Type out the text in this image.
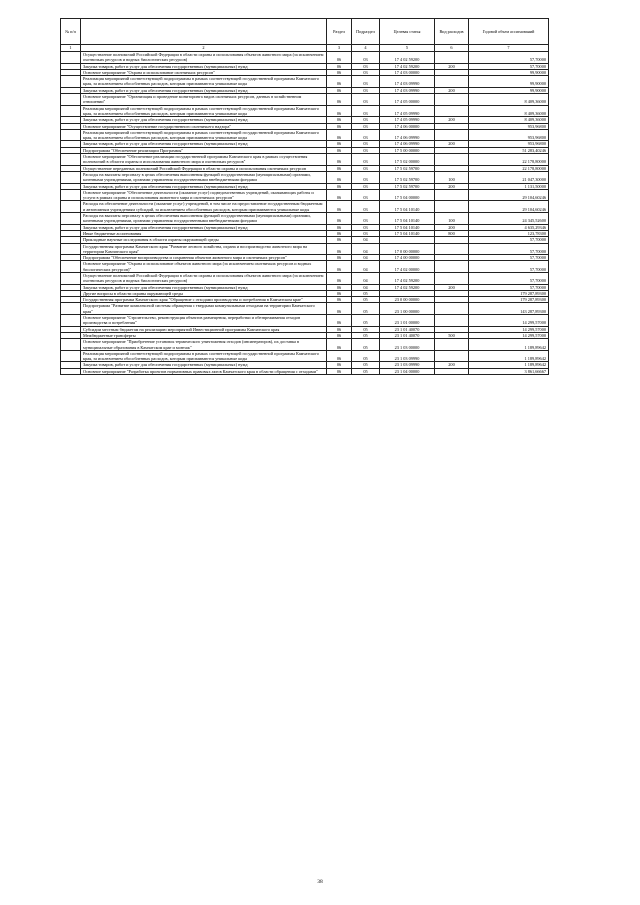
№ п/п		Раздел	Подраздел	Целевая статья	Вид расходов	Годовой объем ассигнований
1	2	3	4	5	6	7
	Осуществление полномочий Российской Федерации в области охраны и использования объектов животного мира (за исключением охотничьих ресурсов и водных биологических ресурсов)	06	03	17 4 02 59200		57,70000
	Закупка товаров, работ и услуг для обеспечения государственных (муниципальных) нужд	06	03	17 4 02 59200	200	57,70000
	Основное мероприятие "Охрана и использование охотничьих ресурсов"	06	03	17 4 03 00000		99,90000
	Реализация мероприятий соответствующей подпрограммы в рамках соответствующей государственной программы Камчатского края, за исключением обособленных расходов, которым присваиваются уникальные коды	06	03	17 4 03 09990		99,90000
	Закупка товаров, работ и услуг для обеспечения государственных (муниципальных) нужд	06	03	17 4 03 09990	200	99,90000
	Основное мероприятие "Организация и проведение мониторинга видов охотничьих ресурсов, данных в хозяйственном отношении"	06	03	17 4 05 00000		8 409,36000
	Реализация мероприятий соответствующей подпрограммы в рамках соответствующей государственной программы Камчатского края, за исключением обособленных расходов, которым присваиваются уникальные коды	06	03	17 4 05 09990		8 409,36000
	Закупка товаров, работ и услуг для обеспечения государственных (муниципальных) нужд	06	03	17 4 05 09990	200	8 409,36000
	Основное мероприятие "Осуществление государственного охотничьего надзора"	06	03	17 4 06 00000		953,96800
	Реализация мероприятий соответствующей подпрограммы в рамках соответствующей государственной программы Камчатского края, за исключением обособленных расходов, которым присваиваются уникальные коды	06	03	17 4 06 09990		953,96800
	Закупка товаров, работ и услуг для обеспечения государственных (муниципальных) нужд	06	03	17 4 06 09990	200	953,96800
	Подпрограмма "Обеспечение реализации Программы"	06	03	17 5 00 00000		51 283,40246
	Основное мероприятие "Обеспечение реализации государственной программы Камчатского края в рамках осуществления полномочий в области охраны и использования животного мира и охотничьих ресурсов"	06	03	17 5 02 00000		22 178,80000
	Осуществление переданных полномочий Российской Федерации в области охраны и использования охотничьих ресурсов	06	03	17 5 02 59700		22 178,80000
	Расходы на выплаты персоналу в целях обеспечения выполнения функций государственными (муниципальными) органами, казенными учреждениями, органами управления государственными внебюджетными фондами	06	03	17 5 02 59700	100	21 047,30000
	Закупка товаров, работ и услуг для обеспечения государственных (муниципальных) нужд	06	03	17 5 02 59700	200	1 131,50000
	Основное мероприятие "Обеспечение деятельности (оказание услуг) подведомственных учреждений, оказывающих работы и услуги в рамках охраны и использования животного мира и охотничьих ресурсов"	06	03	17 5 04 00000		29 104,60246
	Расходы на обеспечение деятельности (оказание услуг) учреждений, в том числе на предоставление государственным бюджетным и автономным учреждениям субсидий, за исключением обособленных расходов, которым присваиваются уникальные коды	06	03	17 5 04 10140		29 104,60246
	Расходы на выплаты персоналу в целях обеспечения выполнения функций государственными (муниципальными) органами, казенными учреждениями, органами управления государственными внебюджетными фондами	06	03	17 5 04 10140	100	24 345,52600
	Закупка товаров, работ и услуг для обеспечения государственных (муниципальных) нужд	06	03	17 5 04 10140	200	4 635,29346
	Иные бюджетные ассигнования	06	03	17 5 04 10140	800	123,78300
	Прикладные научные исследования в области охраны окружающей среды	06	04			57,70000
	Государственная программа Камчатского края "Развитие лесного хозяйства, охрана и воспроизводство животного мира на территории Камчатского края"	06	04	17 0 00 00000		57,70000
	Подпрограмма "Обеспечение воспроизводства и сохранения объектов животного мира и охотничьих ресурсов"	06	04	17 4 00 00000		57,70000
	Основное мероприятие "Охрана и использование объектов животного мира (за исключением охотничьих ресурсов и водных биологических ресурсов)"	06	04	17 4 02 00000		57,70000
	Осуществление полномочий Российской Федерации в области охраны и использования объектов животного мира (за исключением охотничьих ресурсов и водных биологических ресурсов)	06	04	17 4 02 59200		57,70000
	Закупка товаров, работ и услуг для обеспечения государственных (муниципальных) нужд	06	04	17 4 02 59200	200	57,70000
	Другие вопросы в области охраны окружающей среды	06	05			179 287,89300
	Государственная программа Камчатского края "Обращение с отходами производства и потребления в Камчатском крае"	06	05	23 0 00 00000		179 287,89300
	Подпрограмма "Развитие комплексной системы обращения с твердыми коммунальными отходами на территории Камчатского края"	06	05	23 1 00 00000		143 287,89300
	Основное мероприятие "Строительство, реконструкция объектов размещения, переработки и обезвреживания отходов производства и потребления"	06	05	23 1 01 00000		14 299,57000
	Субсидии местным бюджетам на реализацию мероприятий Инвестиционной программы Камчатского края	06	05	23 1 01 40070		14 299,57000
	Межбюджетные трансферты	06	05	23 1 01 40070	500	14 299,57000
	Основное мероприятие "Приобретение установок термического уничтожения отходов (инсинераторов), их доставка в муниципальные образования в Камчатском крае и монтаж"	06	05	23 1 03 00000		1 189,89642
	Реализация мероприятий соответствующей подпрограммы в рамках соответствующей государственной программы Камчатского края, за исключением обособленных расходов, которым присваиваются уникальные коды	06	05	23 1 03 09990		1 189,89642
	Закупка товаров, работ и услуг для обеспечения государственных (муниципальных) нужд	06	05	23 1 03 09990	200	1 189,89642
	Основное мероприятие "Разработка проектов нормативных правовых актов Камчатского края в области обращения с отходами"	06	05	23 1 04 00000		3 861,66667
38
